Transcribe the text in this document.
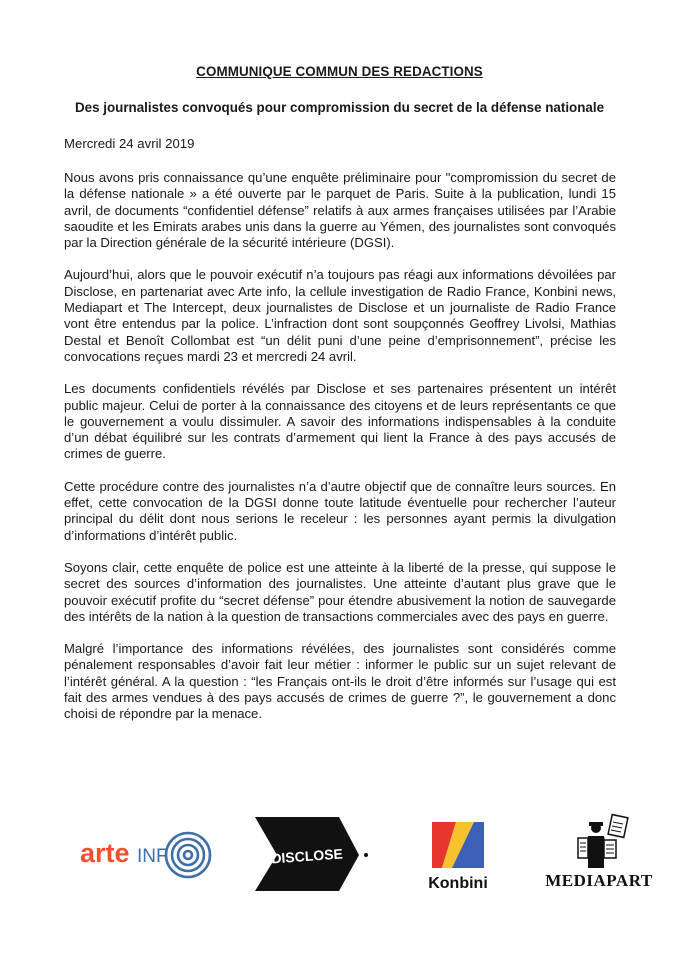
COMMUNIQUE COMMUN DES REDACTIONS
Des journalistes convoqués pour compromission du secret de la défense nationale
Mercredi 24 avril 2019

Nous avons pris connaissance qu’une enquête préliminaire pour "compromission du secret de la défense nationale » a été ouverte par le parquet de Paris. Suite à la publication, lundi 15 avril, de documents “confidentiel défense” relatifs à aux armes françaises utilisées par l’Arabie saoudite et les Emirats arabes unis dans la guerre au Yémen, des journalistes sont convoqués par la Direction générale de la sécurité intérieure (DGSI).

Aujourd’hui, alors que le pouvoir exécutif n’a toujours pas réagi aux informations dévoilées par Disclose, en partenariat avec Arte info, la cellule investigation de Radio France, Konbini news, Mediapart et The Intercept, deux journalistes de Disclose et un journaliste de Radio France vont être entendus par la police. L’infraction dont sont soupçonnés Geoffrey Livolsi, Mathias Destal et Benoît Collombat est “un délit puni d’une peine d’emprisonnement”, précise les convocations reçues mardi 23 et mercredi 24 avril.

Les documents confidentiels révélés par Disclose et ses partenaires présentent un intérêt public majeur. Celui de porter à la connaissance des citoyens et de leurs représentants ce que le gouvernement a voulu dissimuler. A savoir des informations indispensables à la conduite d’un débat équilibré sur les contrats d’armement qui lient la France à des pays accusés de crimes de guerre.

Cette procédure contre des journalistes n’a d’autre objectif que de connaître leurs sources. En effet, cette convocation de la DGSI donne toute latitude éventuelle pour rechercher l’auteur principal du délit dont nous serions le receleur : les personnes ayant permis la divulgation d’informations d’intérêt public.

Soyons clair, cette enquête de police est une atteinte à la liberté de la presse, qui suppose le secret des sources d’information des journalistes. Une atteinte d’autant plus grave que le pouvoir exécutif profite du “secret défense” pour étendre abusivement la notion de sauvegarde des intérêts de la nation à la question de transactions commerciales avec des pays en guerre.

Malgré l’importance des informations révélées, des journalistes sont considérés comme pénalement responsables d’avoir fait leur métier : informer le public sur un sujet relevant de l’intérêt général. A la question : “les Français ont-ils le droit d’être informés sur l’usage qui est fait des armes vendues à des pays accusés de crimes de guerre ?”, le gouvernement a donc choisi de répondre par la menace.

arte INF	DISCLOSE
Konbini	MEDIAPART
